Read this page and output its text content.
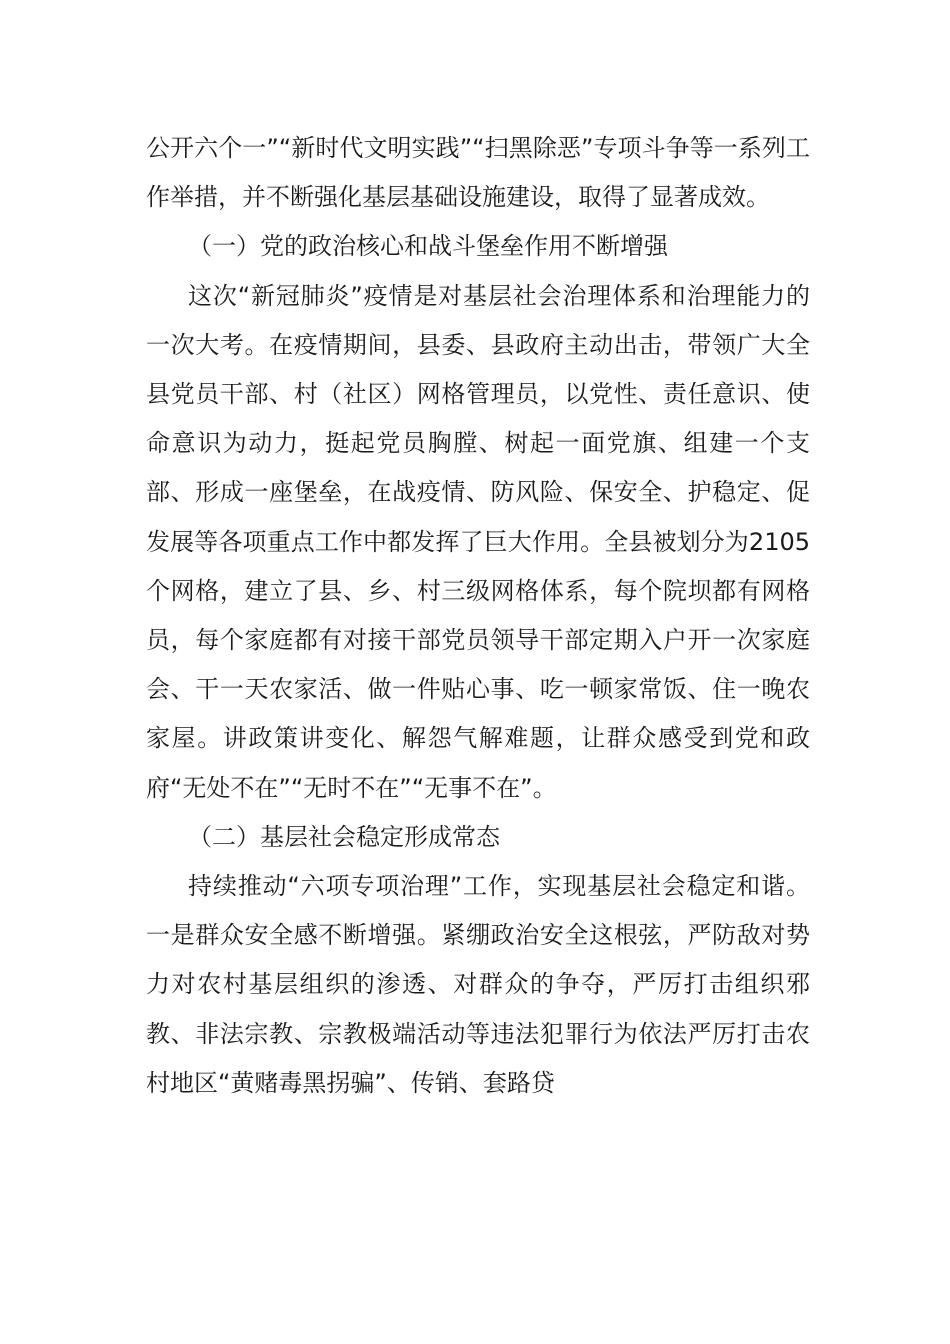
公开六个一”“新时代文明实践”“扫黑除恶”专项斗争等一系列工作举措，并不断强化基层基础设施建设，取得了显著成效。

（一）党的政治核心和战斗堡垒作用不断增强

这次“新冠肺炎”疫情是对基层社会治理体系和治理能力的一次大考。在疫情期间，县委、县政府主动出击，带领广大全县党员干部、村（社区）网格管理员，以党性、责任意识、使命意识为动力，挺起党员胸膛、树起一面党旗、组建一个支部、形成一座堡垒，在战疫情、防风险、保安全、护稳定、促发展等各项重点工作中都发挥了巨大作用。全县被划分为2105个网格，建立了县、乡、村三级网格体系，每个院坝都有网格员，每个家庭都有对接干部党员领导干部定期入户开一次家庭会、干一天农家活、做一件贴心事、吃一顿家常饭、住一晚农家屋。讲政策讲变化、解怨气解难题，让群众感受到党和政府“无处不在”“无时不在”“无事不在”。

（二）基层社会稳定形成常态

持续推动“六项专项治理”工作，实现基层社会稳定和谐。一是群众安全感不断增强。紧绷政治安全这根弦，严防敌对势力对农村基层组织的渗透、对群众的争夺，严厉打击组织邪教、非法宗教、宗教极端活动等违法犯罪行为依法严厉打击农村地区“黄赌毒黑拐骗”、传销、套路贷
